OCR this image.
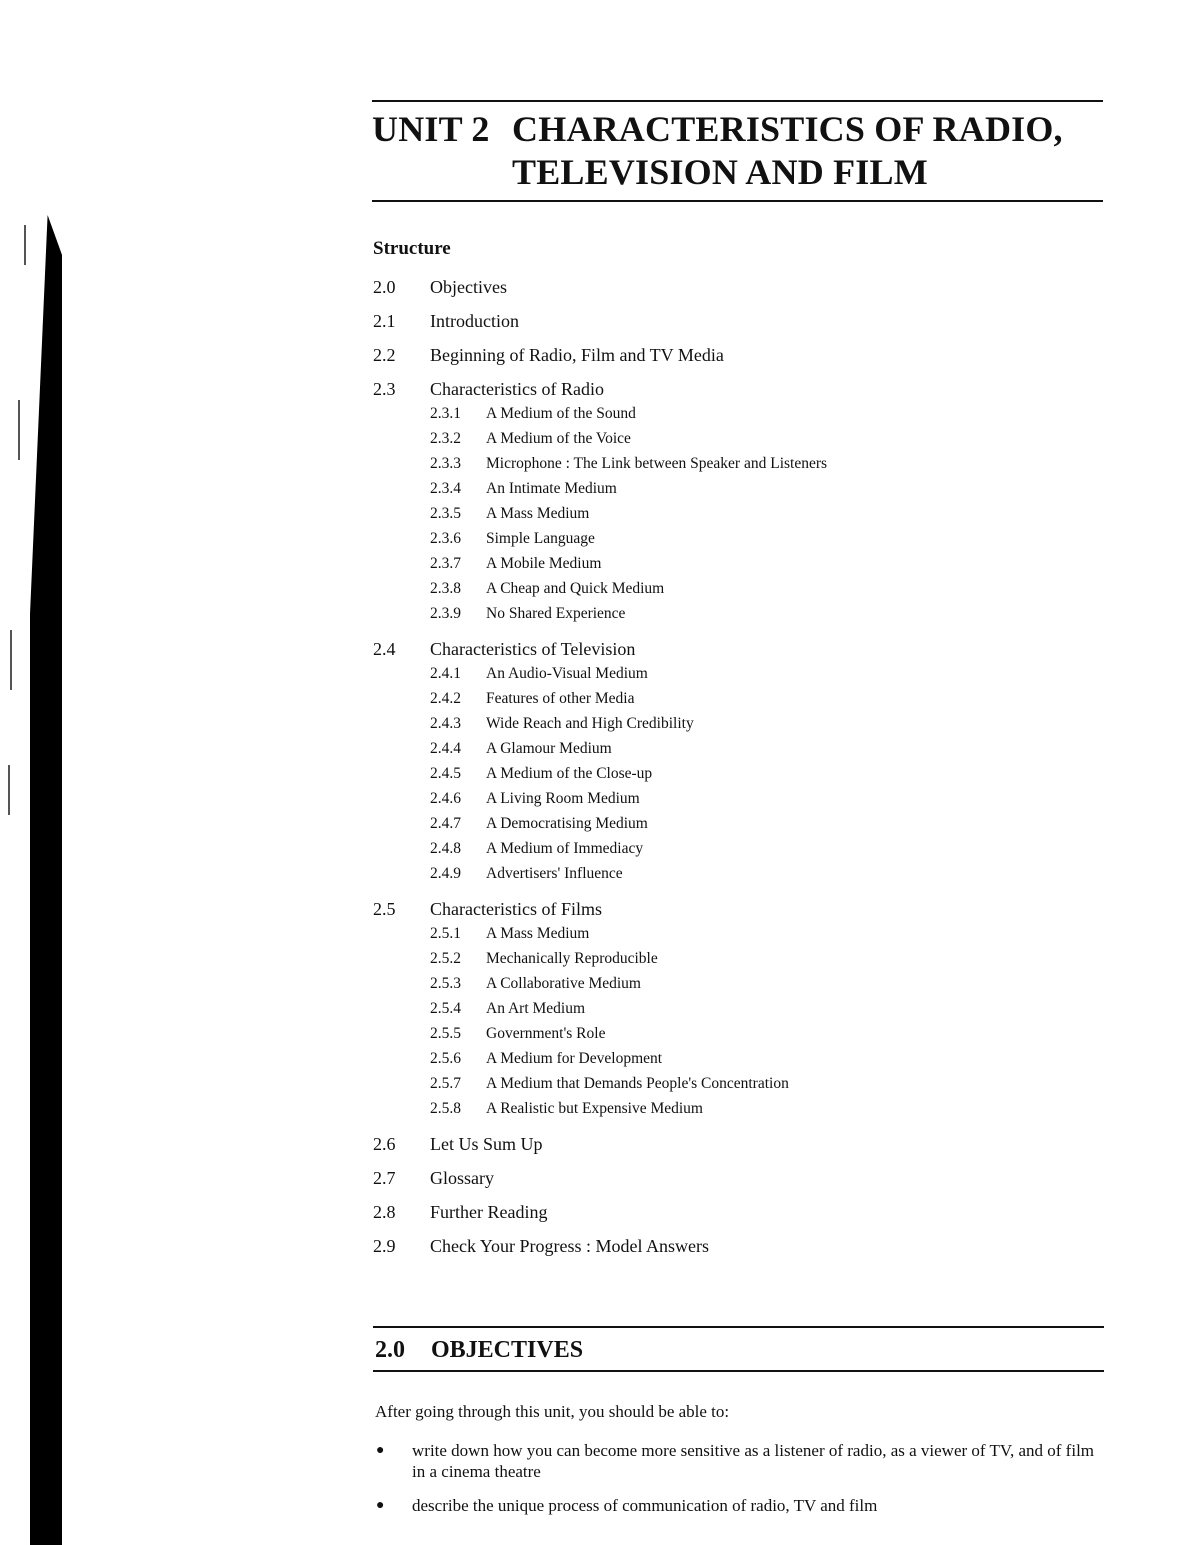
UNIT 2 CHARACTERISTICS OF RADIO,
TELEVISION AND FILM
Structure
2.0	Objectives
2.1	Introduction
2.2	Beginning of Radio, Film and TV Media
2.3	Characteristics of Radio
2.3.1	A Medium of the Sound
2.3.2	A Medium of the Voice
2.3.3	Microphone : The Link between Speaker and Listeners
2.3.4	An Intimate Medium
2.3.5	A Mass Medium
2.3.6	Simple Language
2.3.7	A Mobile Medium
2.3.8	A Cheap and Quick Medium
2.3.9	No Shared Experience
2.4	Characteristics of Television
2.4.1	An Audio-Visual Medium
2.4.2	Features of other Media
2.4.3	Wide Reach and High Credibility
2.4.4	A Glamour Medium
2.4.5	A Medium of the Close-up
2.4.6	A Living Room Medium
2.4.7	A Democratising Medium
2.4.8	A Medium of Immediacy
2.4.9	Advertisers' Influence
2.5	Characteristics of Films
2.5.1	A Mass Medium
2.5.2	Mechanically Reproducible
2.5.3	A Collaborative Medium
2.5.4	An Art Medium
2.5.5	Government's Role
2.5.6	A Medium for Development
2.5.7	A Medium that Demands People's Concentration
2.5.8	A Realistic but Expensive Medium
2.6	Let Us Sum Up
2.7	Glossary
2.8	Further Reading
2.9	Check Your Progress : Model Answers
2.0	OBJECTIVES
After going through this unit, you should be able to:
●	write down how you can become more sensitive as a listener of radio, as a viewer of TV, and of film in a cinema theatre
●	describe the unique process of communication of radio, TV and film
